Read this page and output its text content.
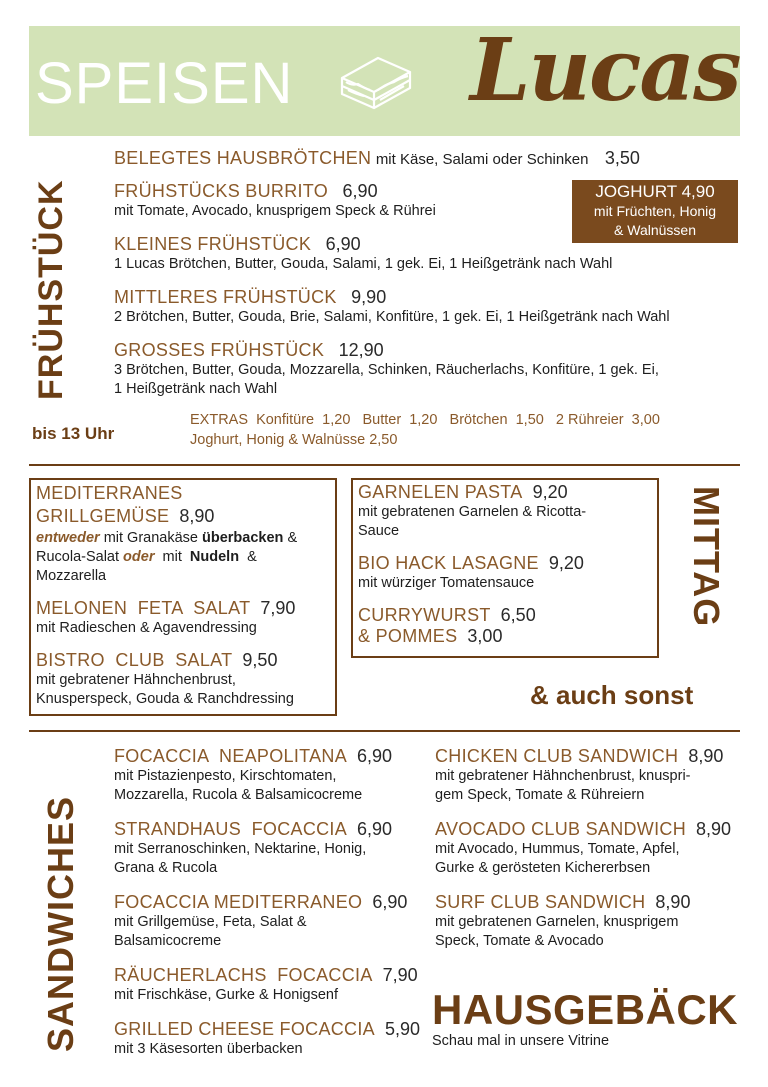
SPEISEN Lucas
FRÜHSTÜCK
bis 13 Uhr
BELEGTES HAUSBRÖTCHEN mit Käse, Salami oder Schinken 3,50
FRÜHSTÜCKS BURRITO 6,90
mit Tomate, Avocado, knusprigem Speck & Rührei
JOGHURT 4,90
mit Früchten, Honig
& Walnüssen
KLEINES FRÜHSTÜCK 6,90
1 Lucas Brötchen, Butter, Gouda, Salami, 1 gek. Ei, 1 Heißgetränk nach Wahl
MITTLERES FRÜHSTÜCK 9,90
2 Brötchen, Butter, Gouda, Brie, Salami, Konfitüre, 1 gek. Ei, 1 Heißgetränk nach Wahl
GROSSES FRÜHSTÜCK 12,90
3 Brötchen, Butter, Gouda, Mozzarella, Schinken, Räucherlachs, Konfitüre, 1 gek. Ei,
1 Heißgetränk nach Wahl
EXTRAS  Konfitüre  1,20   Butter  1,20   Brötchen  1,50   2 Rühreier  3,00
Joghurt, Honig & Walnüsse 2,50
MEDITERRANES
GRILLGEMÜSE 8,90
entweder mit Granakäse überbacken &
Rucola-Salat oder  mit  Nudeln  &
Mozzarella
MELONEN  FETA  SALAT 7,90
mit Radieschen & Agavendressing
BISTRO  CLUB  SALAT 9,50
mit gebratener Hähnchenbrust,
Knusperspeck, Gouda & Ranchdressing
GARNELEN PASTA 9,20
mit gebratenen Garnelen & Ricotta-
Sauce
BIO HACK LASAGNE 9,20
mit würziger Tomatensauce
CURRYWURST 6,50
& POMMES 3,00
MITTAG
& auch sonst
SANDWICHES
FOCACCIA  NEAPOLITANA 6,90
mit Pistazienpesto, Kirschtomaten,
Mozzarella, Rucola & Balsamicocreme
STRANDHAUS  FOCACCIA 6,90
mit Serranoschinken, Nektarine, Honig,
Grana & Rucola
FOCACCIA MEDITERRANEO 6,90
mit Grillgemüse, Feta, Salat &
Balsamicocreme
RÄUCHERLACHS  FOCACCIA 7,90
mit Frischkäse, Gurke & Honigsenf
GRILLED CHEESE FOCACCIA 5,90
mit 3 Käsesorten überbacken
CHICKEN CLUB SANDWICH 8,90
mit gebratener Hähnchenbrust, knuspri-
gem Speck, Tomate & Rühreiern
AVOCADO CLUB SANDWICH 8,90
mit Avocado, Hummus, Tomate, Apfel,
Gurke & gerösteten Kichererbsen
SURF CLUB SANDWICH 8,90
mit gebratenen Garnelen, knusprigem
Speck, Tomate & Avocado
HAUSGEBÄCK
Schau mal in unsere Vitrine
